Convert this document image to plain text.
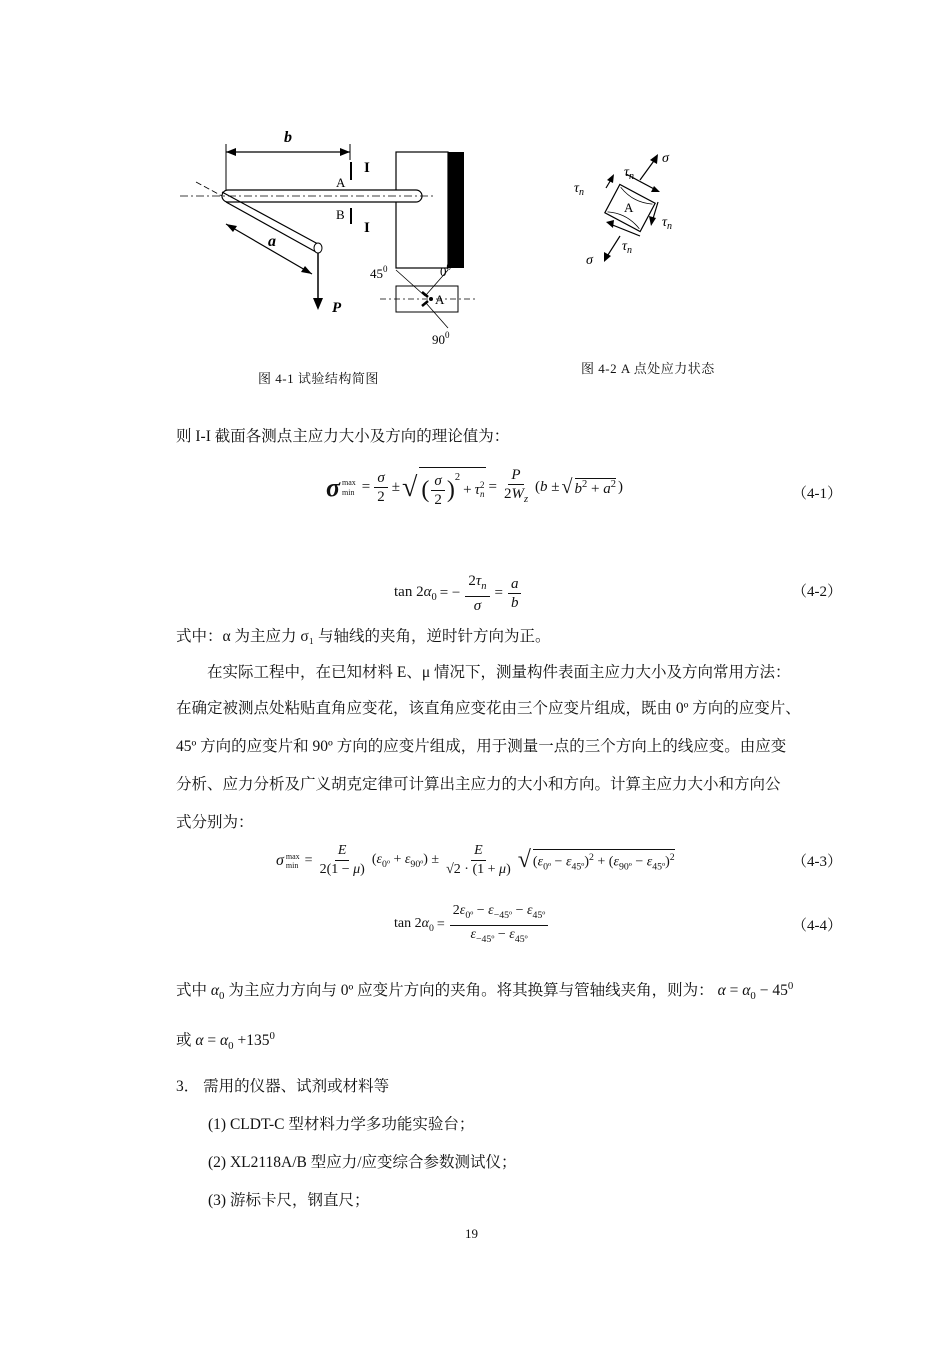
b
I
I
A
B
a
P
A
$45^0$	$0^0$
$90^0$
图 4-1 试验结构简图
A
σ
σ
$\tau_n$
$\tau_n$
$\tau_n$
$\tau_n$
图 4-2 A 点处应力状态
则 I-I 截面各测点主应力大小及方向的理论值为：
σ max
$\min = \frac{\sigma}{2}$ ± √ ( $\frac{\sigma}{2} )^2$
+ τ 2
$n = \frac{P}{2W_z} (b$ ± √ $b^2 + a^2$ )	（4-1）
$\tan 2\alpha_0$ = − $\frac{2\tau_n}{\sigma} = \frac{a}{b}$	（4-2）
式中：α 为主应力 σ₁ 与轴线的夹角，逆时针方向为正。
在实际工程中，在已知材料 E、μ 情况下，测量构件表面主应力大小及方向常用方法：
在确定被测点处粘贴直角应变花，该直角应变花由三个应变片组成，既由 0º 方向的应变片、
45º 方向的应变片和 90º 方向的应变片组成，用于测量一点的三个方向上的线应变。由应变
分析、应力分析及广义胡克定律可计算出主应力的大小和方向。计算主应力大小和方向公
式分别为：
σ max
$\min = \frac{E}{2(1 - \mu)} (\varepsilon_{0º} + \varepsilon_{90º}) \pm \frac{E}{√2 \cdot (1 + \mu)}$ √ $(\varepsilon_{0º} - \varepsilon_{45º})^2 + (\varepsilon_{90º} - \varepsilon_{45º})^2$	（4-3）
$\tan 2\alpha_0 = \frac{2\varepsilon_{0º} - \varepsilon_{-45º} - \varepsilon_{45º}}{\varepsilon_{-45º} - \varepsilon_{45º}}$	（4-4）
式中 $\alpha_0$ 为主应力方向与 0º 应变片方向的夹角。将其换算与管轴线夹角，则为： $\alpha = \alpha_0 - 45^0$
或 $\alpha = \alpha_0 +135^0$
3． 需用的仪器、试剂或材料等
(1) CLDT-C 型材料力学多功能实验台；
(2) XL2118A/B 型应力/应变综合参数测试仪；
(3) 游标卡尺，钢直尺；
19
